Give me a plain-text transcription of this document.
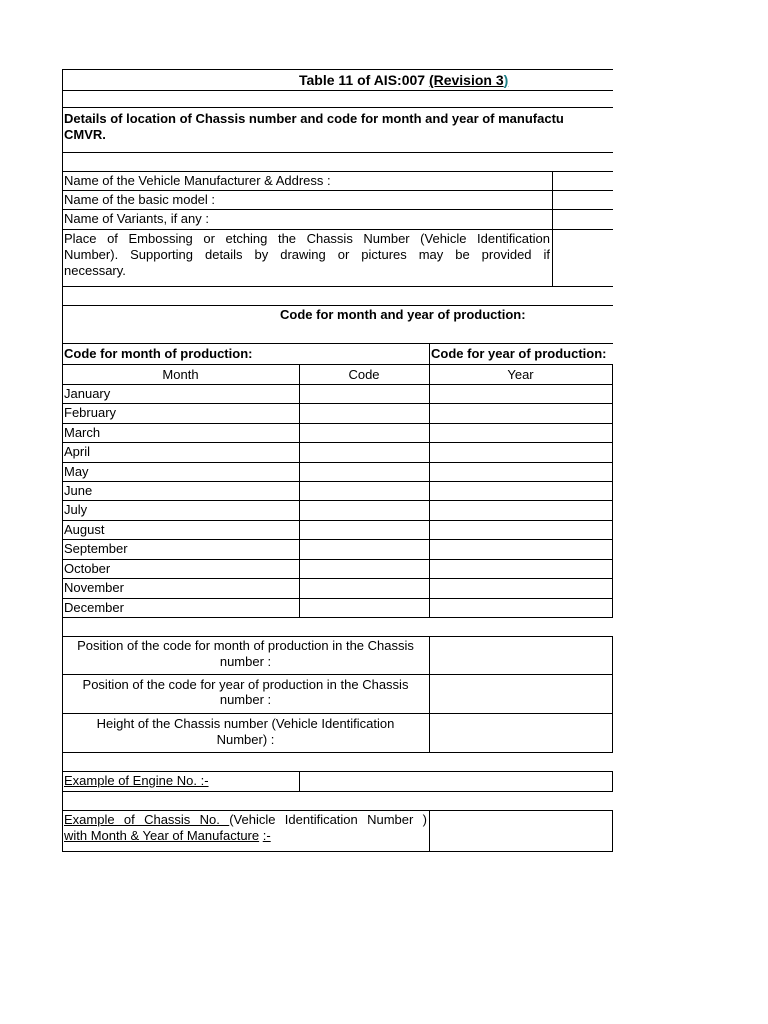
Table 11 of AIS:007 (Revision 3)
Details of location of Chassis number and code for month and year of manufactu
CMVR.
Name of the Vehicle Manufacturer & Address :
Name of the basic model :
Name of Variants, if any :
Place of Embossing or etching the Chassis Number (Vehicle Identification
Number). Supporting details by drawing or pictures may be provided if
necessary.
Code for month and year of production:
Code for month of production:	Code for year of production:
Month	Code	Year
January
February
March
April
May
June
July
August
September
October
November
December
Position of the code for month of production in the Chassis
number :
Position of the code for year of production in the Chassis
number :
Height of the Chassis number (Vehicle Identification
Number) :
Example of Engine No. :-
Example of Chassis No. (Vehicle Identification Number )
with Month & Year of Manufacture :-
